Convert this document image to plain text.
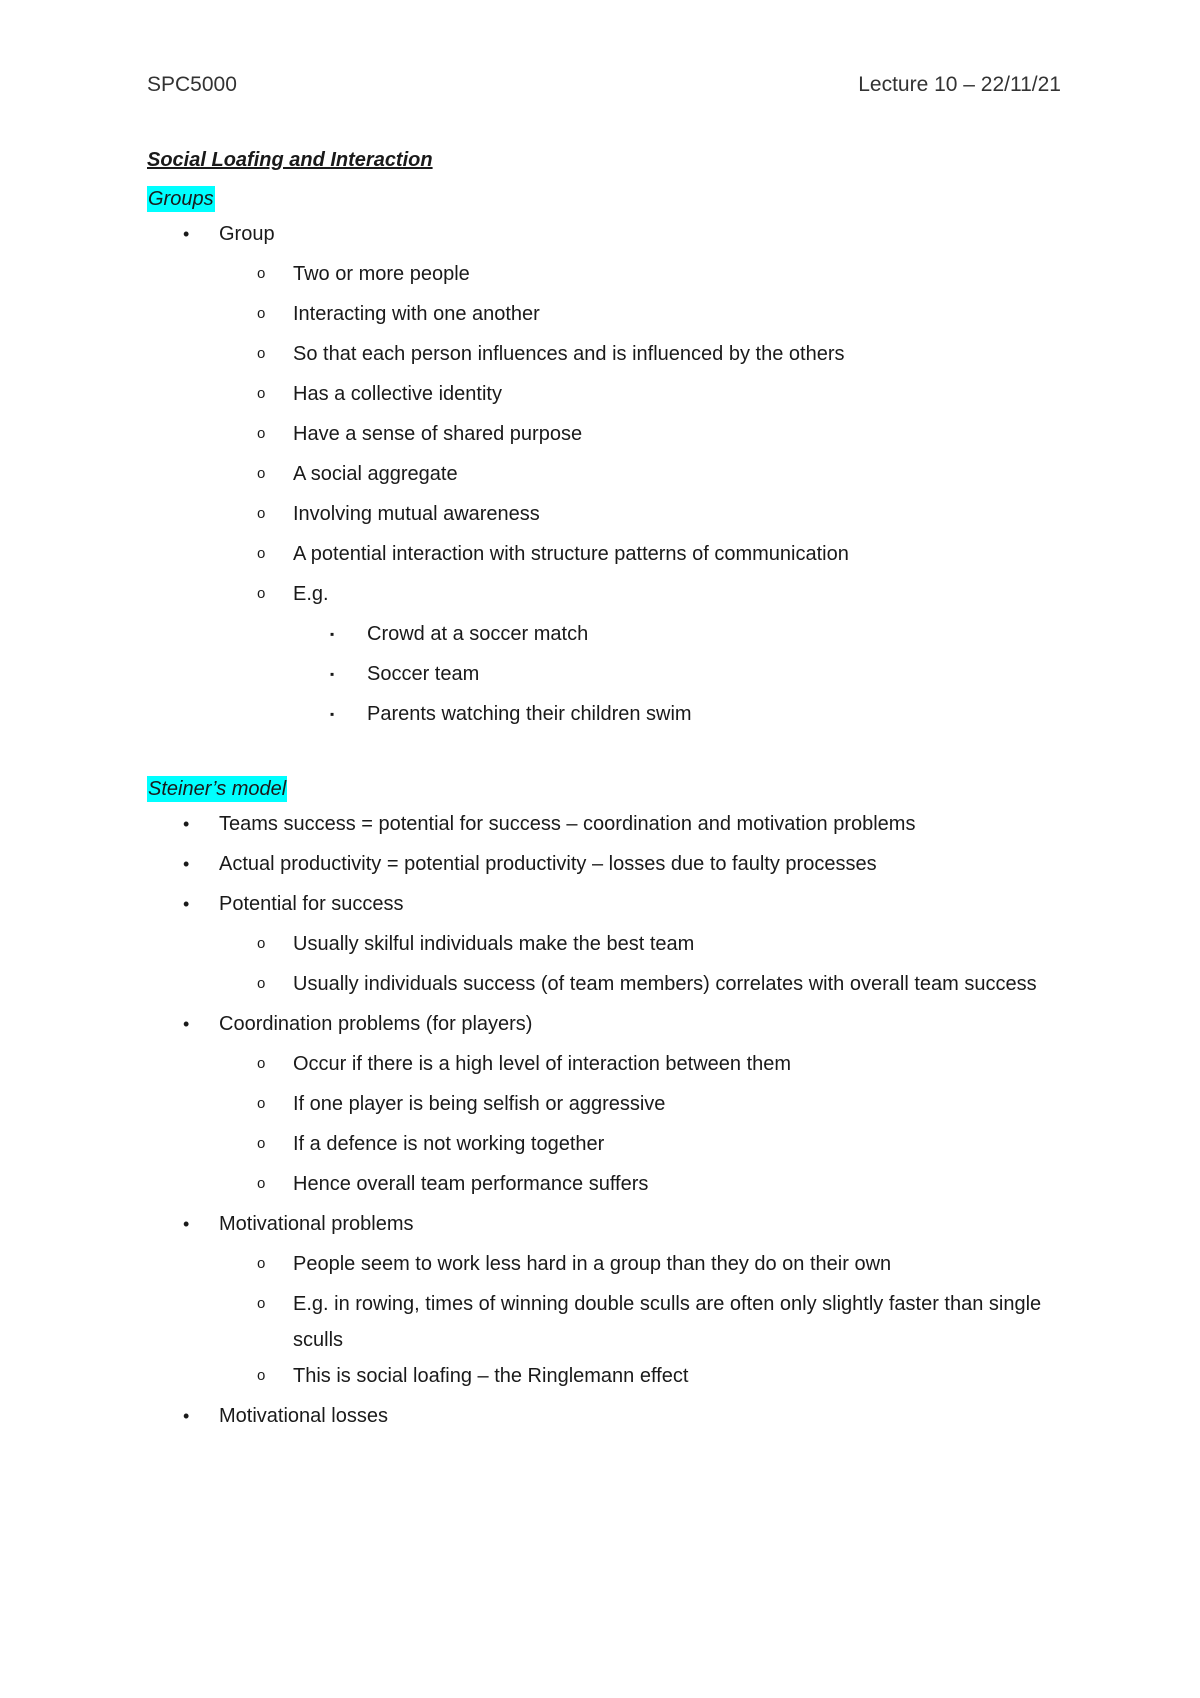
SPC5000	Lecture 10 – 22/11/21
Social Loafing and Interaction
Groups
• Group
o Two or more people
o Interacting with one another
o So that each person influences and is influenced by the others
o Has a collective identity
o Have a sense of shared purpose
o A social aggregate
o Involving mutual awareness
o A potential interaction with structure patterns of communication
o E.g.
▪ Crowd at a soccer match
▪ Soccer team
▪ Parents watching their children swim
Steiner’s model
• Teams success = potential for success – coordination and motivation problems
• Actual productivity = potential productivity – losses due to faulty processes
• Potential for success
o Usually skilful individuals make the best team
o Usually individuals success (of team members) correlates with overall team success
• Coordination problems (for players)
o Occur if there is a high level of interaction between them
o If one player is being selfish or aggressive
o If a defence is not working together
o Hence overall team performance suffers
• Motivational problems
o People seem to work less hard in a group than they do on their own
o E.g. in rowing, times of winning double sculls are often only slightly faster than single sculls
o This is social loafing – the Ringlemann effect
• Motivational losses
